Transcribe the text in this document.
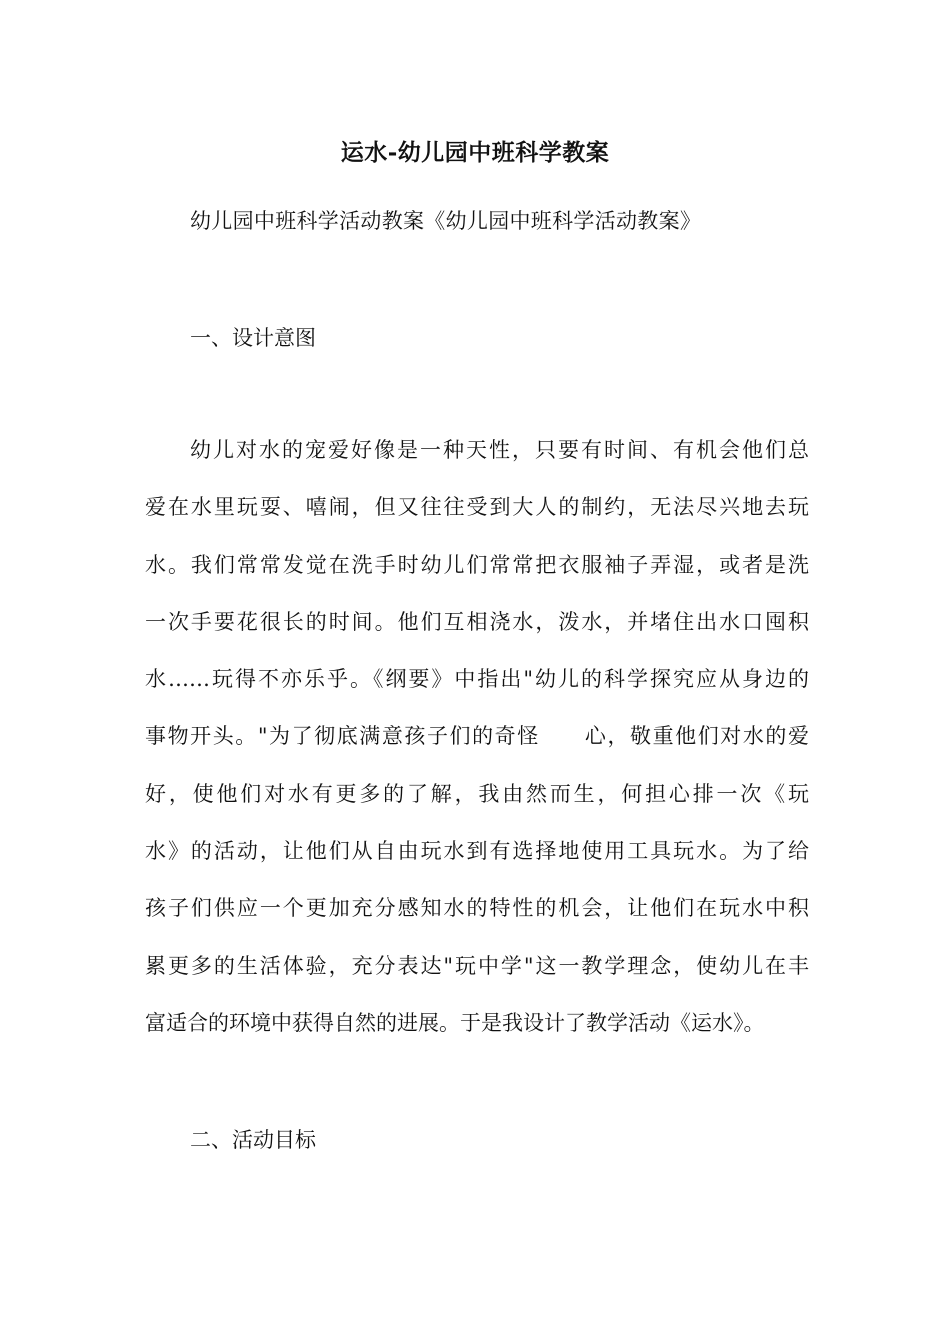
运水-幼儿园中班科学教案
幼儿园中班科学活动教案《幼儿园中班科学活动教案》
一、设计意图
幼儿对水的宠爱好像是一种天性，只要有时间、有机会他们总
爱在水里玩耍、嘻闹，但又往往受到大人的制约，无法尽兴地去玩
水。我们常常发觉在洗手时幼儿们常常把衣服袖子弄湿，或者是洗
一次手要花很长的时间。他们互相浇水，泼水，并堵住出水口囤积
水……玩得不亦乐乎。《纲要》中指出"幼儿的科学探究应从身边的
事物开头。"为了彻底满意孩子们的奇怪　　心，敬重他们对水的爱
好，使他们对水有更多的了解，我由然而生，何担心排一次《玩
水》的活动，让他们从自由玩水到有选择地使用工具玩水。为了给
孩子们供应一个更加充分感知水的特性的机会，让他们在玩水中积
累更多的生活体验，充分表达"玩中学"这一教学理念，使幼儿在丰
富适合的环境中获得自然的进展。于是我设计了教学活动《运水》。
二、活动目标
